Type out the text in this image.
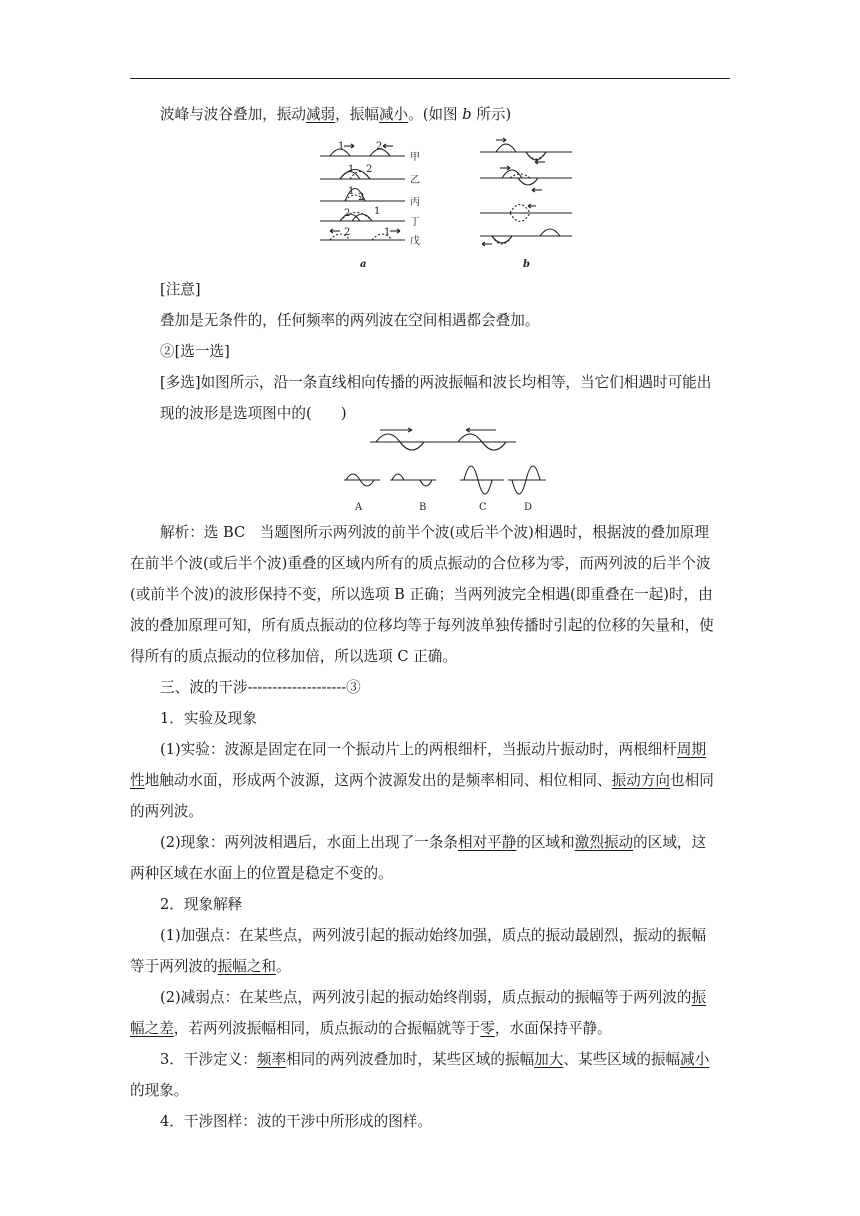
波峰与波谷叠加，振动减弱，振幅减小。(如图 b 所示)
1	2
1 2
1
2
2 1
2	1
甲
乙
丙
丁
戊
a	b
[注意]
叠加是无条件的，任何频率的两列波在空间相遇都会叠加。
②[选一选]
[多选]如图所示，沿一条直线相向传播的两波振幅和波长均相等，当它们相遇时可能出
现的波形是选项图中的(　　)
A	B	C	D
解析：选 BC　当题图所示两列波的前半个波(或后半个波)相遇时，根据波的叠加原理
在前半个波(或后半个波)重叠的区域内所有的质点振动的合位移为零，而两列波的后半个波
(或前半个波)的波形保持不变，所以选项 B 正确；当两列波完全相遇(即重叠在一起)时，由
波的叠加原理可知，所有质点振动的位移均等于每列波单独传播时引起的位移的矢量和，使
得所有的质点振动的位移加倍，所以选项 C 正确。
三、波的干涉--------------------③
1．实验及现象
(1)实验：波源是固定在同一个振动片上的两根细杆，当振动片振动时，两根细杆周期
性地触动水面，形成两个波源，这两个波源发出的是频率相同、相位相同、振动方向也相同
的两列波。
(2)现象：两列波相遇后，水面上出现了一条条相对平静的区域和激烈振动的区域，这
两种区域在水面上的位置是稳定不变的。
2．现象解释
(1)加强点：在某些点，两列波引起的振动始终加强，质点的振动最剧烈，振动的振幅
等于两列波的振幅之和。
(2)减弱点：在某些点，两列波引起的振动始终削弱，质点振动的振幅等于两列波的振
幅之差，若两列波振幅相同，质点振动的合振幅就等于零，水面保持平静。
3．干涉定义：频率相同的两列波叠加时，某些区域的振幅加大、某些区域的振幅减小
的现象。
4．干涉图样：波的干涉中所形成的图样。
